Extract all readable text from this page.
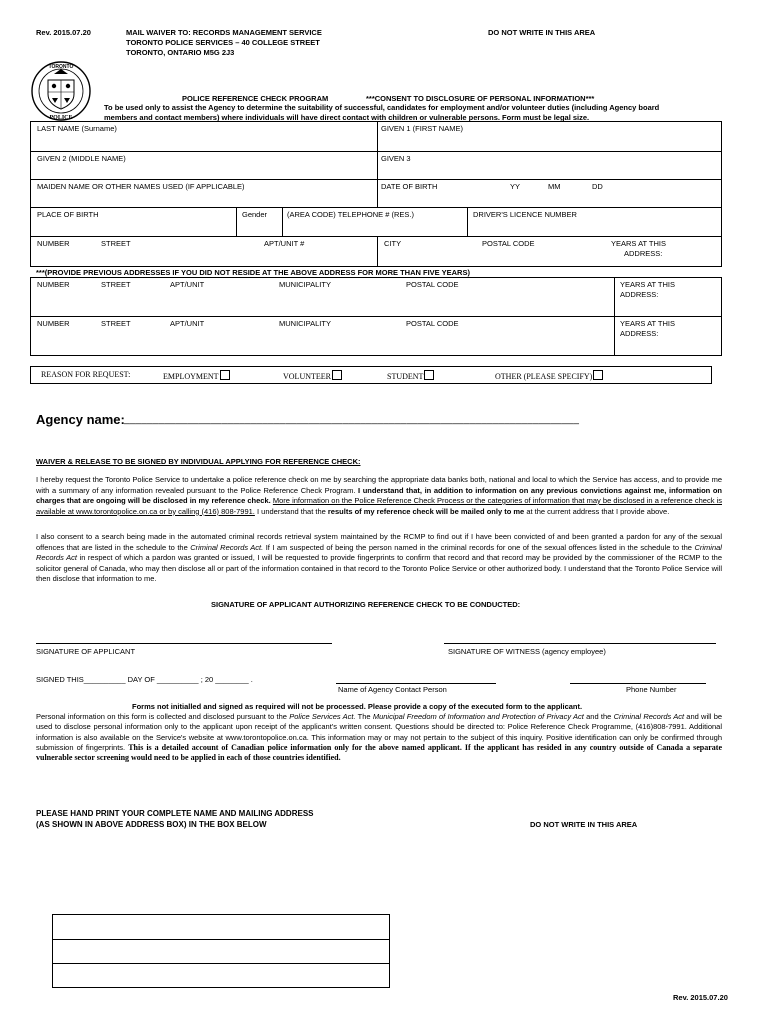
Rev. 2015.07.20	MAIL WAIVER TO: RECORDS MANAGEMENT SERVICE
TORONTO POLICE SERVICES – 40 COLLEGE STREET
TORONTO, ONTARIO M5G 2J3
DO NOT WRITE IN THIS AREA
TORONTO
POLICE
POLICE REFERENCE CHECK PROGRAM	***CONSENT TO DISCLOSURE OF PERSONAL INFORMATION***
To be used only to assist the Agency to determine the suitability of successful, candidates for employment and/or volunteer duties (including Agency board
members and contact members) where individuals will have direct contact with children or vulnerable persons. Form must be legal size.
LAST NAME (Surname)	GIVEN 1 (FIRST NAME)
GIVEN 2 (MIDDLE NAME)	GIVEN 3
MAIDEN NAME OR OTHER NAMES USED (IF APPLICABLE)	DATE OF BIRTH	YY	MM	DD
PLACE OF BIRTH	Gender	(AREA CODE) TELEPHONE # (RES.)	DRIVER'S LICENCE NUMBER
NUMBER	STREET	APT/UNIT #	CITY	POSTAL CODE	YEARS AT THIS
ADDRESS:
***(PROVIDE PREVIOUS ADDRESSES IF YOU DID NOT RESIDE AT THE ABOVE ADDRESS FOR MORE THAN FIVE YEARS)
NUMBER	STREET	APT/UNIT	MUNICIPALITY	POSTAL CODE	YEARS AT THIS
ADDRESS:
NUMBER	STREET	APT/UNIT	MUNICIPALITY	POSTAL CODE	YEARS AT THIS
ADDRESS:
REASON FOR REQUEST:	EMPLOYMENT	VOLUNTEER	STUDENT	OTHER (PLEASE SPECIFY)
Agency name: _______________________________________________________________________________
WAIVER & RELEASE TO BE SIGNED BY INDIVIDUAL APPLYING FOR REFERENCE CHECK:
I hereby request the Toronto Police Service to undertake a police reference check on me by searching the appropriate data banks both, national and local to which the Service has access, and to provide me with a summary of any information revealed pursuant to the Police Reference Check Program. I understand that, in addition to information on any previous convictions against me, information on charges that are ongoing will be disclosed in my reference check. More information on the Police Reference Check Process or the categories of information that may be disclosed in a reference check is available at www.torontopolice.on.ca or by calling (416) 808-7991. I understand that the results of my reference check will be mailed only to me at the current address that I provide above.
I also consent to a search being made in the automated criminal records retrieval system maintained by the RCMP to find out if I have been convicted of and been granted a pardon for any of the sexual offences that are listed in the schedule to the Criminal Records Act. If I am suspected of being the person named in the criminal records for one of the sexual offences listed in the schedule to the Criminal Records Act in respect of which a pardon was granted or issued, I will be requested to provide fingerprints to confirm that record and that record may be provided by the commissioner of the RCMP to the solicitor general of Canada, who may then disclose all or part of the information contained in that record to the Toronto Police Service or other authorized body. I understand that the Toronto Police Service will then disclose that information to me.
SIGNATURE OF APPLICANT AUTHORIZING REFERENCE CHECK TO BE CONDUCTED:
SIGNATURE OF APPLICANT	SIGNATURE OF WITNESS (agency employee)
SIGNED THIS__________ DAY OF __________ ; 20 ________ .
Name of Agency Contact Person	Phone Number
Forms not initialled and signed as required will not be processed. Please provide a copy of the executed form to the applicant.
Personal information on this form is collected and disclosed pursuant to the Police Services Act. The Municipal Freedom of Information and Protection of Privacy Act and the Criminal Records Act and will be used to disclose personal information only to the applicant upon receipt of the applicant's written consent. Questions should be directed to: Police Reference Check Programme, (416)808-7991. Additional information is also available on the Service's website at www.torontopolice.on.ca. This information may or may not pertain to the subject of this inquiry. Positive identification can only be confirmed through submission of fingerprints. This is a detailed account of Canadian police information only for the above named applicant. If the applicant has resided in any country outside of Canada a separate vulnerable sector screening would need to be applied in each of those countries identified.
PLEASE HAND PRINT YOUR COMPLETE NAME AND MAILING ADDRESS
(AS SHOWN IN ABOVE ADDRESS BOX) IN THE BOX BELOW	DO NOT WRITE IN THIS AREA
Rev. 2015.07.20
